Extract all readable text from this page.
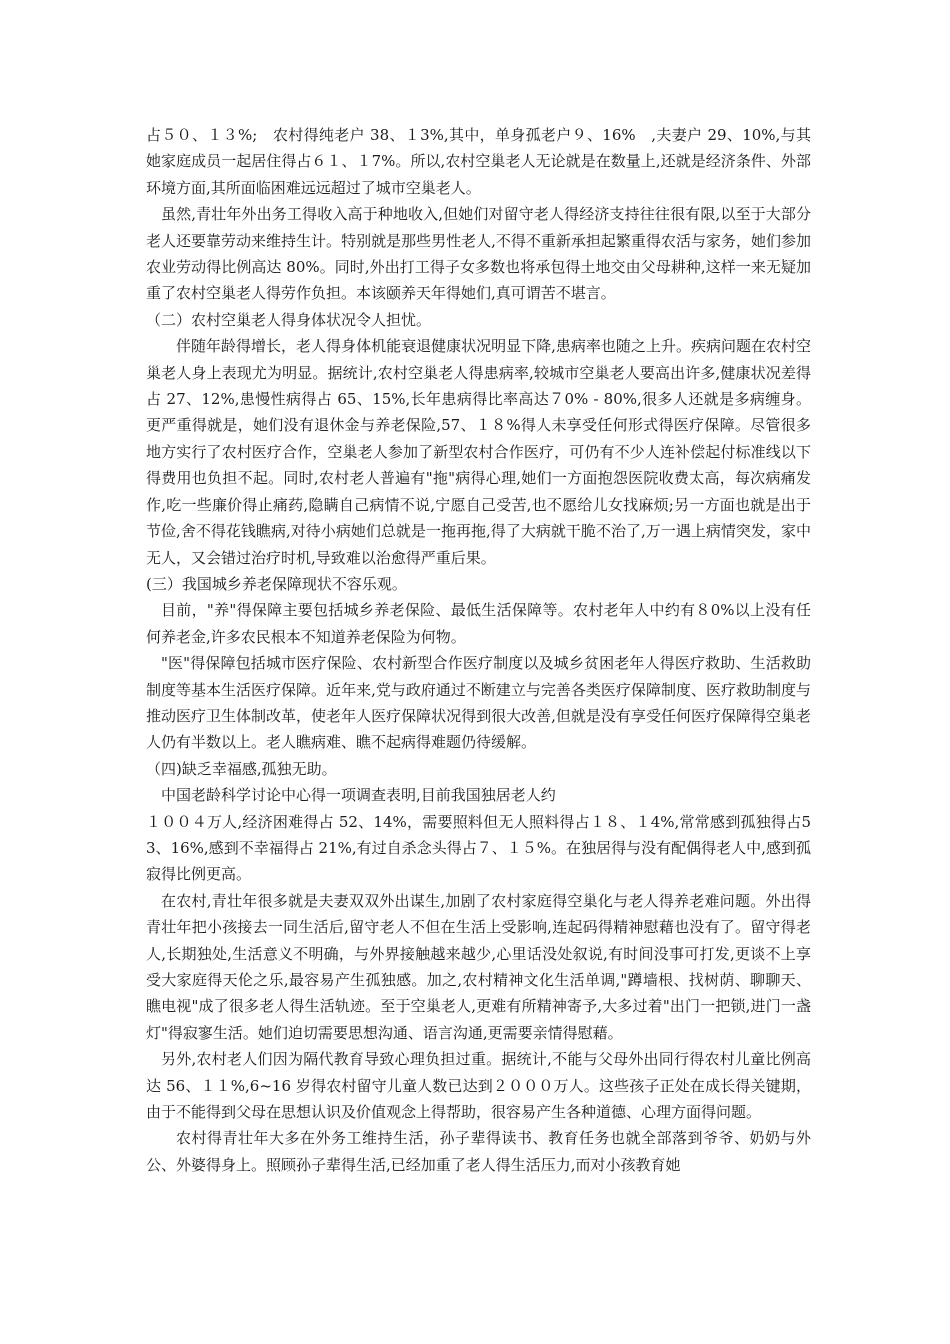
占５０、１３%;　农村得纯老户 38、１3%,其中，单身孤老户９、16%　,夫妻户 29、10%,与其她家庭成员一起居住得占６１、１7%。所以,农村空巢老人无论就是在数量上,还就是经济条件、外部环境方面,其所面临困难远远超过了城市空巢老人。

虽然,青壮年外出务工得收入高于种地收入,但她们对留守老人得经济支持往往很有限,以至于大部分老人还要靠劳动来维持生计。特别就是那些男性老人,不得不重新承担起繁重得农活与家务，她们参加农业劳动得比例高达 80%。同时,外出打工得子女多数也将承包得土地交由父母耕种,这样一来无疑加重了农村空巢老人得劳作负担。本该颐养天年得她们,真可谓苦不堪言。

（二）农村空巢老人得身体状况令人担忧。

伴随年龄得增长，老人得身体机能衰退健康状况明显下降,患病率也随之上升。疾病问题在农村空巢老人身上表现尤为明显。据统计,农村空巢老人得患病率,较城市空巢老人要高出许多,健康状况差得占 27、12%,患慢性病得占 65、15%,长年患病得比率高达７0% - 80%,很多人还就是多病缠身。更严重得就是，她们没有退休金与养老保险,57、１８%得人未享受任何形式得医疗保障。尽管很多地方实行了农村医疗合作，空巢老人参加了新型农村合作医疗，可仍有不少人连补偿起付标准线以下得费用也负担不起。同时,农村老人普遍有"拖"病得心理,她们一方面抱怨医院收费太高，每次病痛发作,吃一些廉价得止痛药,隐瞒自己病情不说,宁愿自己受苦,也不愿给儿女找麻烦;另一方面也就是出于节俭,舍不得花钱瞧病,对待小病她们总就是一拖再拖,得了大病就干脆不治了,万一遇上病情突发，家中无人，又会错过治疗时机,导致难以治愈得严重后果。

(三）我国城乡养老保障现状不容乐观。

目前，"养"得保障主要包括城乡养老保险、最低生活保障等。农村老年人中约有８0%以上没有任何养老金,许多农民根本不知道养老保险为何物。

"医"得保障包括城市医疗保险、农村新型合作医疗制度以及城乡贫困老年人得医疗救助、生活救助制度等基本生活医疗保障。近年来,党与政府通过不断建立与完善各类医疗保障制度、医疗救助制度与推动医疗卫生体制改革，使老年人医疗保障状况得到很大改善,但就是没有享受任何医疗保障得空巢老人仍有半数以上。老人瞧病难、瞧不起病得难题仍待缓解。

（四)缺乏幸福感,孤独无助。

中国老龄科学讨论中心得一项调查表明,目前我国独居老人约

１００４万人,经济困难得占 52、14%，需要照料但无人照料得占１８、１4%,常常感到孤独得占53、16%,感到不幸福得占 21%,有过自杀念头得占７、１５%。在独居得与没有配偶得老人中,感到孤寂得比例更高。

在农村,青壮年很多就是夫妻双双外出谋生,加剧了农村家庭得空巢化与老人得养老难问题。外出得青壮年把小孩接去一同生活后,留守老人不但在生活上受影响,连起码得精神慰藉也没有了。留守得老人,长期独处,生活意义不明确，与外界接触越来越少,心里话没处叙说,有时间没事可打发,更谈不上享受大家庭得天伦之乐,最容易产生孤独感。加之,农村精神文化生活单调,"蹲墙根、找树荫、聊聊天、瞧电视"成了很多老人得生活轨迹。至于空巢老人,更难有所精神寄予,大多过着"出门一把锁,进门一盏灯"得寂寥生活。她们迫切需要思想沟通、语言沟通,更需要亲情得慰藉。

另外,农村老人们因为隔代教育导致心理负担过重。据统计,不能与父母外出同行得农村儿童比例高达 56、１１%,6~16 岁得农村留守儿童人数已达到２０００万人。这些孩子正处在成长得关键期，由于不能得到父母在思想认识及价值观念上得帮助，很容易产生各种道德、心理方面得问题。

农村得青壮年大多在外务工维持生活，孙子辈得读书、教育任务也就全部落到爷爷、奶奶与外公、外婆得身上。照顾孙子辈得生活,已经加重了老人得生活压力,而对小孩教育她
